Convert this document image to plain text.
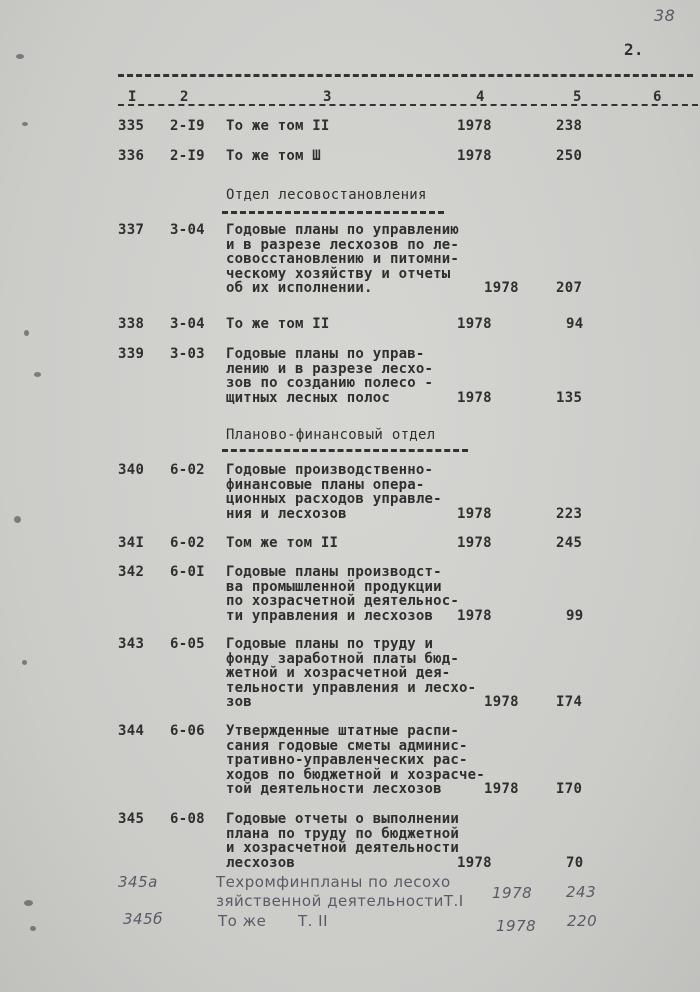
38
2.
I	2	3	4	5	6
335 2-I9 То же том II	1978	238
336 2-I9 То же том Ш	1978	250
337 3-04 Годовые планы по управлению
и в разрезе лесхозов по ле-
совосстановлению и питомни-
ческому хозяйству и отчеты
об их исполнении.	1978	207
338 3-04 То же том II	1978	94
339 3-03 Годовые планы по управ-
лению и в разрезе лесхо-
зов по созданию полесо -
щитных лесных полос	1978	135
340 6-02 Годовые производственно-
финансовые планы опера-
ционных расходов управле-
ния и лесхозов	1978	223
34I 6-02 Том же том II	1978	245
342 6-0I Годовые планы производст-
ва промышленной продукции
по хозрасчетной деятельнос-
ти управления и лесхозов 1978	99
343 6-05 Годовые планы по труду и
фонду заработной платы бюд-
жетной и хозрасчетной дея-
тельности управления и лесхо-
зов	1978	I74
344 6-06 Утвержденные штатные распи-
сания годовые сметы админис-
тративно-управленческих рас-
ходов по бюджетной и хозрасче-
той деятельности лесхозов	1978	I70
345 6-08 Годовые отчеты о выполнении
плана по труду по бюджетной
и хозрасчетной деятельности
лесхозов	1978	70
Отдел лесовостановления
Планово-финансовый отдел
345а	Техромфинпланы по лесохо
зяйственной деятельностиТ.I 1978 243
345б	То же      Т. II	1978 220
